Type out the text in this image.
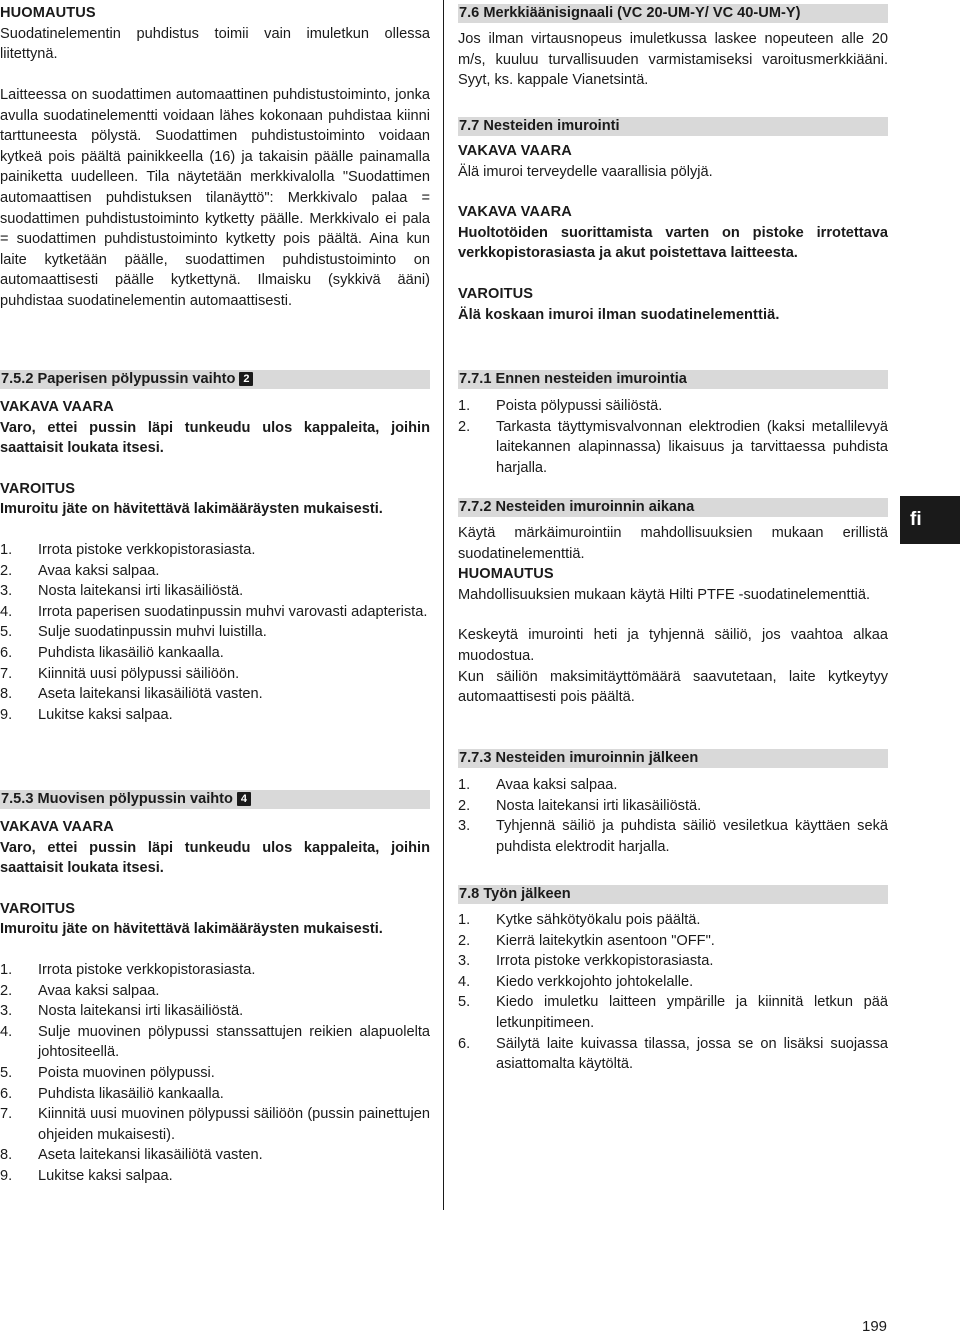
HUOMAUTUS

Suodatinelementin puhdistus toimii vain imuletkun ollessa liitettynä.

Laitteessa on suodattimen automaattinen puhdistustoiminto, jonka avulla suodatinelementti voidaan lähes kokonaan puhdistaa kiinni tarttuneesta pölystä. Suodattimen puhdistustoiminto voidaan kytkeä pois päältä painikkeella (16) ja takaisin päälle painamalla painiketta uudelleen. Tila näytetään merkkivalolla "Suodattimen automaattisen puhdistuksen tilanäyttö": Merkkivalo palaa = suodattimen puhdistustoiminto kytketty päälle. Merkkivalo ei pala = suodattimen puhdistustoiminto kytketty pois päältä. Aina kun laite kytketään päälle, suodattimen puhdistustoiminto on automaattisesti päälle kytkettynä. Ilmaisku (sykkivä ääni) puhdistaa suodatinelementin automaattisesti.

7.5.2 Paperisen pölypussin vaihto 2

VAKAVA VAARA

Varo, ettei pussin läpi tunkeudu ulos kappaleita, joihin saattaisit loukata itsesi.

VAROITUS

Imuroitu jäte on hävitettävä lakimääräysten mukaisesti.

1. Irrota pistoke verkkopistorasiasta.
2. Avaa kaksi salpaa.
3. Nosta laitekansi irti likasäiliöstä.
4. Irrota paperisen suodatinpussin muhvi varovasti adapterista.
5. Sulje suodatinpussin muhvi luistilla.
6. Puhdista likasäiliö kankaalla.
7. Kiinnitä uusi pölypussi säiliöön.
8. Aseta laitekansi likasäiliötä vasten.
9. Lukitse kaksi salpaa.

7.5.3 Muovisen pölypussin vaihto 4

VAKAVA VAARA

Varo, ettei pussin läpi tunkeudu ulos kappaleita, joihin saattaisit loukata itsesi.

VAROITUS

Imuroitu jäte on hävitettävä lakimääräysten mukaisesti.

1. Irrota pistoke verkkopistorasiasta.
2. Avaa kaksi salpaa.
3. Nosta laitekansi irti likasäiliöstä.
4. Sulje muovinen pölypussi stanssattujen reikien alapuolelta johtositeellä.
5. Poista muovinen pölypussi.
6. Puhdista likasäiliö kankaalla.
7. Kiinnitä uusi muovinen pölypussi säiliöön (pussin painettujen ohjeiden mukaisesti).
8. Aseta laitekansi likasäiliötä vasten.
9. Lukitse kaksi salpaa.

7.6 Merkkiäänisignaali (VC 20-UM-Y/ VC 40-UM-Y)

Jos ilman virtausnopeus imuletkussa laskee nopeuteen alle 20 m/s, kuuluu turvallisuuden varmistamiseksi varoitusmerkkiääni. Syyt, ks. kappale Vianetsintä.

7.7 Nesteiden imurointi

VAKAVA VAARA

Älä imuroi terveydelle vaarallisia pölyjä.

VAKAVA VAARA

Huoltotöiden suorittamista varten on pistoke irrotettava verkkopistorasiasta ja akut poistettava laitteesta.

VAROITUS

Älä koskaan imuroi ilman suodatinelementtiä.

7.7.1 Ennen nesteiden imurointia

1. Poista pölypussi säiliöstä.
2. Tarkasta täyttymisvalvonnan elektrodien (kaksi metallilevyä laitekannen alapinnassa) likaisuus ja tarvittaessa puhdista harjalla.

7.7.2 Nesteiden imuroinnin aikana

Käytä märkäimurointiin mahdollisuuksien mukaan erillistä suodatinelementtiä.

HUOMAUTUS

Mahdollisuuksien mukaan käytä Hilti PTFE -suodatinelementtiä.

Keskeytä imurointi heti ja tyhjennä säiliö, jos vaahtoa alkaa muodostua.

Kun säiliön maksimitäyttömäärä saavutetaan, laite kytkeytyy automaattisesti pois päältä.

7.7.3 Nesteiden imuroinnin jälkeen

1. Avaa kaksi salpaa.
2. Nosta laitekansi irti likasäiliöstä.
3. Tyhjennä säiliö ja puhdista säiliö vesiletkua käyttäen sekä puhdista elektrodit harjalla.

7.8 Työn jälkeen

1. Kytke sähkötyökalu pois päältä.
2. Kierrä laitekytkin asentoon "OFF".
3. Irrota pistoke verkkopistorasiasta.
4. Kiedo verkkojohto johtokelalle.
5. Kiedo imuletku laitteen ympärille ja kiinnitä letkun pää letkunpitimeen.
6. Säilytä laite kuivassa tilassa, jossa se on lisäksi suojassa asiattomalta käytöltä.
fi
199
